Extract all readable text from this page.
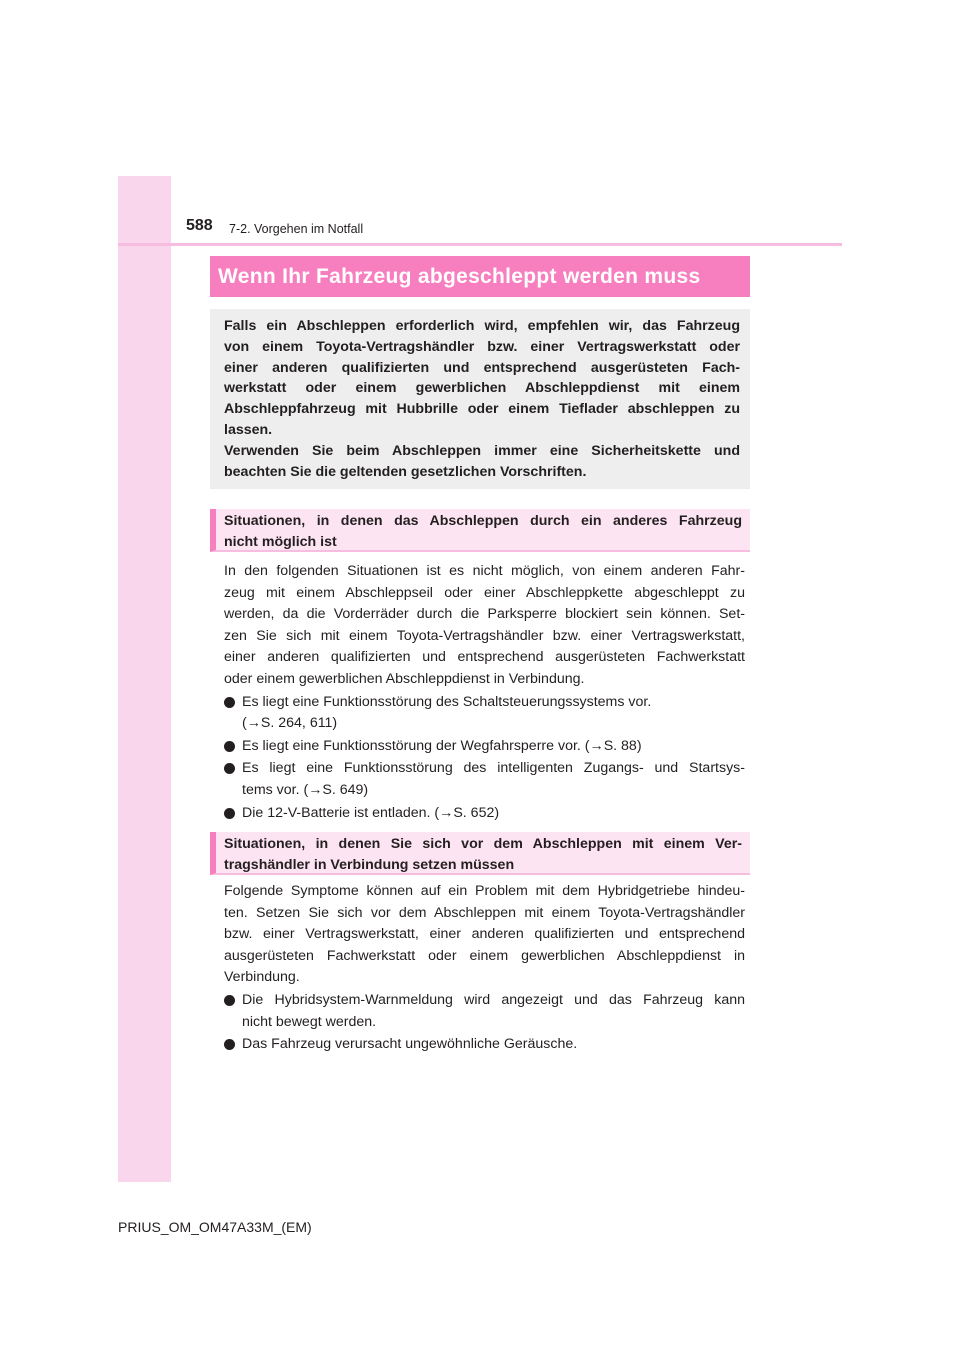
588 7-2. Vorgehen im Notfall
Wenn Ihr Fahrzeug abgeschleppt werden muss

Falls ein Abschleppen erforderlich wird, empfehlen wir, das Fahrzeug

von einem Toyota-Vertragshändler bzw. einer Vertragswerkstatt oder

einer anderen qualifizierten und entsprechend ausgerüsteten Fach-

werkstatt oder einem gewerblichen Abschleppdienst mit einem

Abschleppfahrzeug mit Hubbrille oder einem Tieflader abschleppen zu

lassen.

Verwenden Sie beim Abschleppen immer eine Sicherheitskette und

beachten Sie die geltenden gesetzlichen Vorschriften.

Situationen, in denen das Abschleppen durch ein anderes Fahrzeug

nicht möglich ist

In den folgenden Situationen ist es nicht möglich, von einem anderen Fahr-

zeug mit einem Abschleppseil oder einer Abschleppkette abgeschleppt zu

werden, da die Vorderräder durch die Parksperre blockiert sein können. Set-

zen Sie sich mit einem Toyota-Vertragshändler bzw. einer Vertragswerkstatt,

einer anderen qualifizierten und entsprechend ausgerüsteten Fachwerkstatt

oder einem gewerblichen Abschleppdienst in Verbindung.

Es liegt eine Funktionsstörung des Schaltsteuerungssystems vor.

(→S. 264, 611)

Es liegt eine Funktionsstörung der Wegfahrsperre vor. (→S. 88)

Es liegt eine Funktionsstörung des intelligenten Zugangs- und Startsys-

tems vor. (→S. 649)

Die 12-V-Batterie ist entladen. (→S. 652)

Situationen, in denen Sie sich vor dem Abschleppen mit einem Ver-

tragshändler in Verbindung setzen müssen

Folgende Symptome können auf ein Problem mit dem Hybridgetriebe hindeu-

ten. Setzen Sie sich vor dem Abschleppen mit einem Toyota-Vertragshändler

bzw. einer Vertragswerkstatt, einer anderen qualifizierten und entsprechend

ausgerüsteten Fachwerkstatt oder einem gewerblichen Abschleppdienst in

Verbindung.

Die Hybridsystem-Warnmeldung wird angezeigt und das Fahrzeug kann

nicht bewegt werden.

Das Fahrzeug verursacht ungewöhnliche Geräusche.

PRIUS_OM_OM47A33M_(EM)
